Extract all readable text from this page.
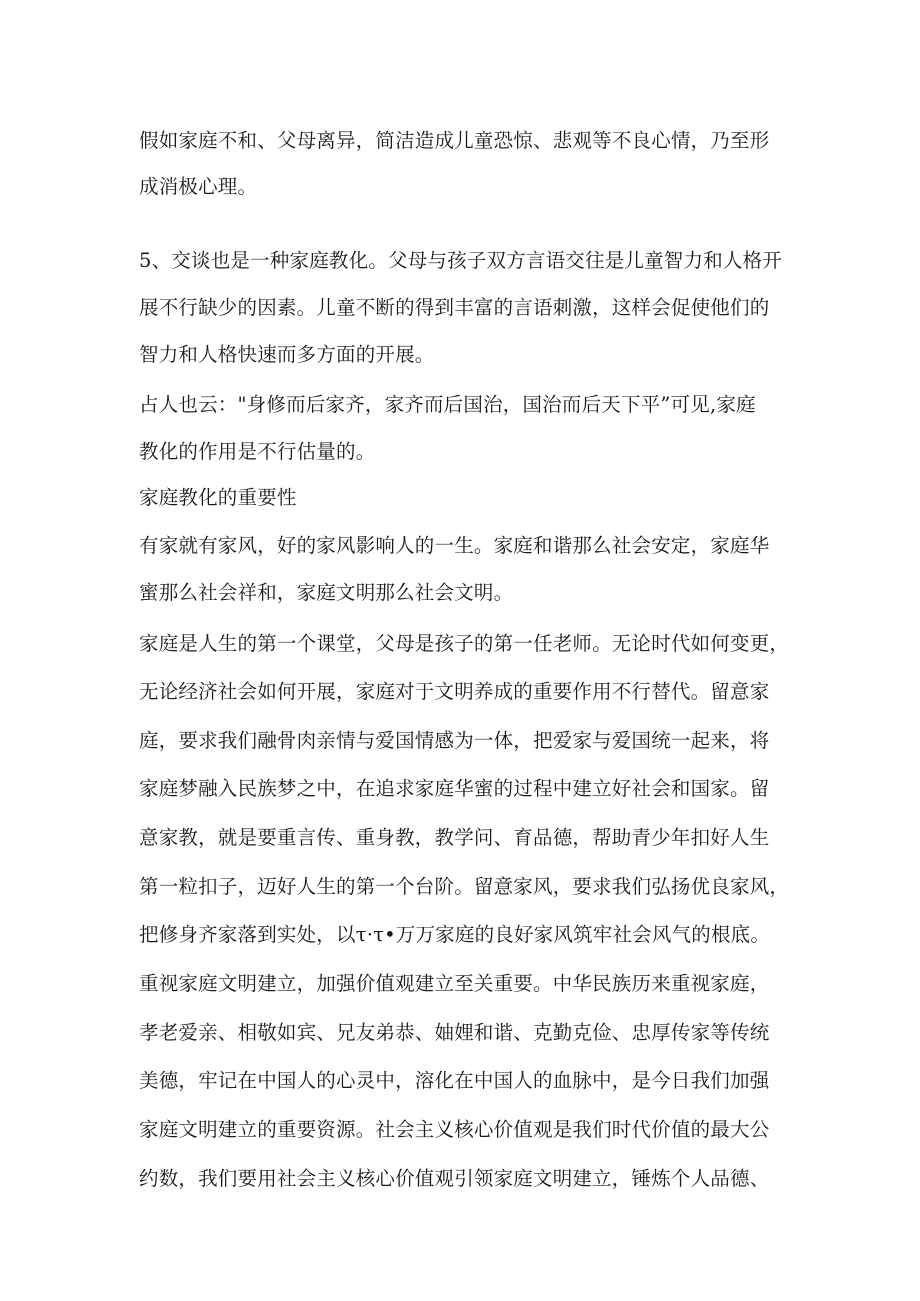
假如家庭不和、父母离异，简洁造成儿童恐惊、悲观等不良心情，乃至形
成消极心理。
5、交谈也是一种家庭教化。父母与孩子双方言语交往是儿童智力和人格开
展不行缺少的因素。儿童不断的得到丰富的言语刺激，这样会促使他们的
智力和人格快速而多方面的开展。
占人也云："身修而后家齐，家齐而后国治，国治而后天下平”可见,家庭
教化的作用是不行估量的。
家庭教化的重要性
有家就有家风，好的家风影响人的一生。家庭和谐那么社会安定，家庭华
蜜那么社会祥和，家庭文明那么社会文明。
家庭是人生的第一个课堂，父母是孩子的第一任老师。无论时代如何变更，
无论经济社会如何开展，家庭对于文明养成的重要作用不行替代。留意家
庭，要求我们融骨肉亲情与爱国情感为一体，把爱家与爱国统一起来，将
家庭梦融入民族梦之中，在追求家庭华蜜的过程中建立好社会和国家。留
意家教，就是要重言传、重身教，教学问、育品德，帮助青少年扣好人生
第一粒扣子，迈好人生的第一个台阶。留意家风，要求我们弘扬优良家风，
把修身齐家落到实处，以τ·τ•万万家庭的良好家风筑牢社会风气的根底。
重视家庭文明建立，加强价值观建立至关重要。中华民族历来重视家庭，
孝老爱亲、相敬如宾、兄友弟恭、妯娌和谐、克勤克俭、忠厚传家等传统
美德，牢记在中国人的心灵中，溶化在中国人的血脉中，是今日我们加强
家庭文明建立的重要资源。社会主义核心价值观是我们时代价值的最大公
约数，我们要用社会主义核心价值观引领家庭文明建立，锤炼个人品德、
